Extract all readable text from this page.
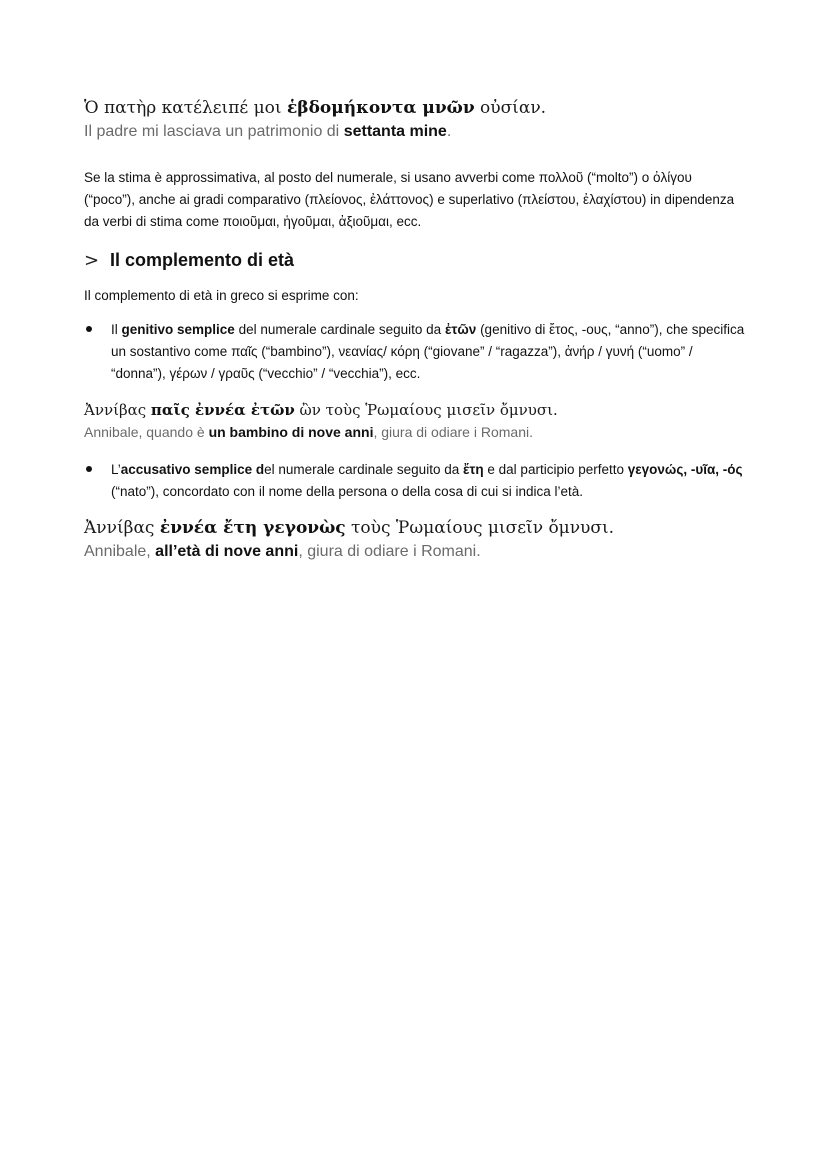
Ὁ πατὴρ κατέλειπέ μοι ἑβδομήκοντα μνῶν οὐσίαν.
Il padre mi lasciava un patrimonio di settanta mine.
Se la stima è approssimativa, al posto del numerale, si usano avverbi come πολλοῦ (“molto”) o ὀλίγου (“poco”), anche ai gradi comparativo (πλείονος, ἐλάττονος) e superlativo (πλείστου, ἐλαχίστου) in dipendenza da verbi di stima come ποιοῦμαι, ἡγοῦμαι, ἀξιοῦμαι, ecc.
> Il complemento di età
Il complemento di età in greco si esprime con:
Il genitivo semplice del numerale cardinale seguito da ἐτῶν (genitivo di ἔτος, -ους, “anno”), che specifica un sostantivo come παῖς (“bambino”), νεανίας/ κόρη (“giovane” / “ragazza”), ἀνήρ / γυνή (“uomo” / “donna”), γέρων / γραῦς (“vecchio” / “vecchia”), ecc.
Ἀννίβας παῖς ἐννέα ἐτῶν ὢν τοὺς Ῥωμαίους μισεῖν ὄμνυσι.
Annibale, quando è un bambino di nove anni, giura di odiare i Romani.
L’accusativo semplice del numerale cardinale seguito da ἔτη e dal participio perfetto γεγονώς, -υῖα, -ός (“nato”), concordato con il nome della persona o della cosa di cui si indica l’età.
Ἀννίβας ἐννέα ἔτη γεγονὼς τοὺς Ῥωμαίους μισεῖν ὄμνυσι.
Annibale, all’età di nove anni, giura di odiare i Romani.
